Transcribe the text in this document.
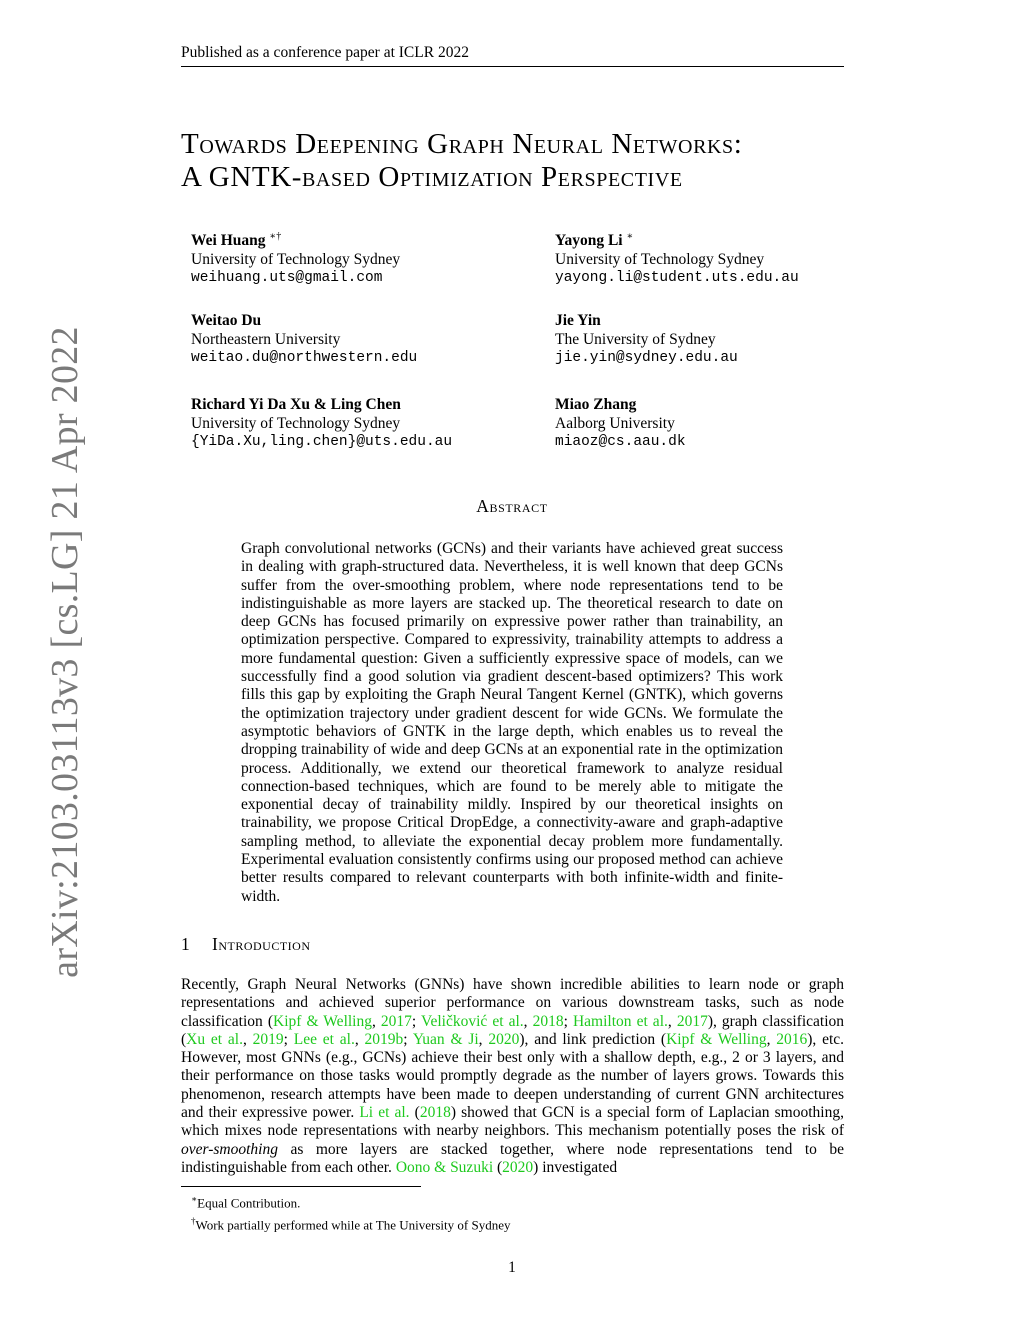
Published as a conference paper at ICLR 2022
arXiv:2103.03113v3 [cs.LG] 21 Apr 2022
Towards Deepening Graph Neural Networks:
A GNTK-based Optimization Perspective
Wei Huang ∗†
University of Technology Sydney
weihuang.uts@gmail.com
Yayong Li ∗
University of Technology Sydney
yayong.li@student.uts.edu.au
Weitao Du
Northeastern University
weitao.du@northwestern.edu
Jie Yin
The University of Sydney
jie.yin@sydney.edu.au
Richard Yi Da Xu & Ling Chen
University of Technology Sydney
{YiDa.Xu,ling.chen}@uts.edu.au
Miao Zhang
Aalborg University
miaoz@cs.aau.dk
Abstract
Graph convolutional networks (GCNs) and their variants have achieved great success in dealing with graph-structured data. Nevertheless, it is well known that deep GCNs suffer from the over-smoothing problem, where node representations tend to be indistinguishable as more layers are stacked up. The theoretical research to date on deep GCNs has focused primarily on expressive power rather than trainability, an optimization perspective. Compared to expressivity, trainability attempts to address a more fundamental question: Given a sufficiently expressive space of models, can we successfully find a good solution via gradient descent-based optimizers? This work fills this gap by exploiting the Graph Neural Tangent Kernel (GNTK), which governs the optimization trajectory under gradient descent for wide GCNs. We formulate the asymptotic behaviors of GNTK in the large depth, which enables us to reveal the dropping trainability of wide and deep GCNs at an exponential rate in the optimization process. Additionally, we extend our theoretical framework to analyze residual connection-based techniques, which are found to be merely able to mitigate the exponential decay of trainability mildly. Inspired by our theoretical insights on trainability, we propose Critical DropEdge, a connectivity-aware and graph-adaptive sampling method, to alleviate the exponential decay problem more fundamentally. Experimental evaluation consistently confirms using our proposed method can achieve better results compared to relevant counterparts with both infinite-width and finite-width.
1 Introduction
Recently, Graph Neural Networks (GNNs) have shown incredible abilities to learn node or graph representations and achieved superior performance on various downstream tasks, such as node classification (Kipf & Welling, 2017; Veličković et al., 2018; Hamilton et al., 2017), graph classification (Xu et al., 2019; Lee et al., 2019b; Yuan & Ji, 2020), and link prediction (Kipf & Welling, 2016), etc. However, most GNNs (e.g., GCNs) achieve their best only with a shallow depth, e.g., 2 or 3 layers, and their performance on those tasks would promptly degrade as the number of layers grows. Towards this phenomenon, research attempts have been made to deepen understanding of current GNN architectures and their expressive power. Li et al. (2018) showed that GCN is a special form of Laplacian smoothing, which mixes node representations with nearby neighbors. This mechanism potentially poses the risk of over-smoothing as more layers are stacked together, where node representations tend to be indistinguishable from each other. Oono & Suzuki (2020) investigated
∗Equal Contribution.
†Work partially performed while at The University of Sydney
1
